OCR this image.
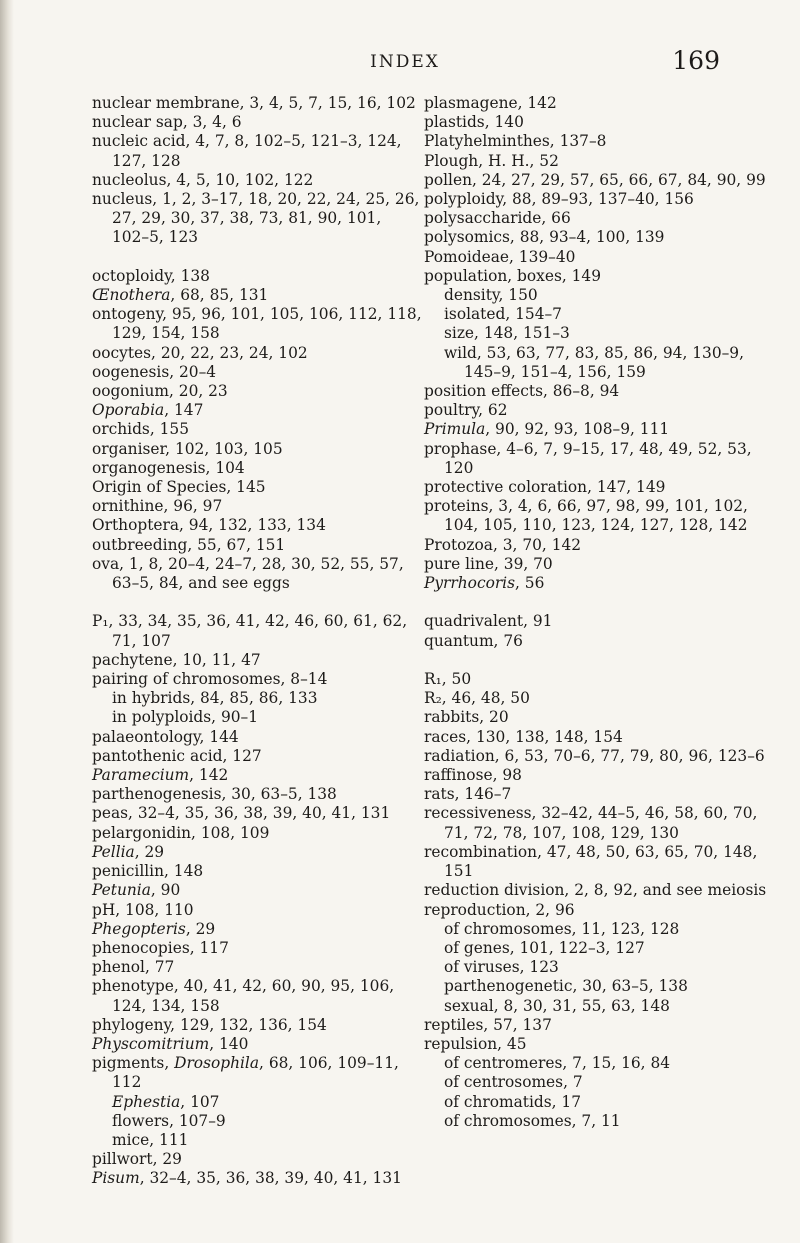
INDEX	169
nuclear membrane, 3, 4, 5, 7, 15, 16, 102
nuclear sap, 3, 4, 6
nucleic acid, 4, 7, 8, 102–5, 121–3, 124, 127, 128
nucleolus, 4, 5, 10, 102, 122
nucleus, 1, 2, 3–17, 18, 20, 22, 24, 25, 26, 27, 29, 30, 37, 38, 73, 81, 90, 101, 102–5, 123
octoploidy, 138
Œnothera, 68, 85, 131
ontogeny, 95, 96, 101, 105, 106, 112, 118, 129, 154, 158
oocytes, 20, 22, 23, 24, 102
oogenesis, 20–4
oogonium, 20, 23
Oporabia, 147
orchids, 155
organiser, 102, 103, 105
organogenesis, 104
Origin of Species, 145
ornithine, 96, 97
Orthoptera, 94, 132, 133, 134
outbreeding, 55, 67, 151
ova, 1, 8, 20–4, 24–7, 28, 30, 52, 55, 57, 63–5, 84, and see eggs
P₁, 33, 34, 35, 36, 41, 42, 46, 60, 61, 62, 71, 107
pachytene, 10, 11, 47
pairing of chromosomes, 8–14
in hybrids, 84, 85, 86, 133
in polyploids, 90–1
palaeontology, 144
pantothenic acid, 127
Paramecium, 142
parthenogenesis, 30, 63–5, 138
peas, 32–4, 35, 36, 38, 39, 40, 41, 131
pelargonidin, 108, 109
Pellia, 29
penicillin, 148
Petunia, 90
pH, 108, 110
Phegopteris, 29
phenocopies, 117
phenol, 77
phenotype, 40, 41, 42, 60, 90, 95, 106, 124, 134, 158
phylogeny, 129, 132, 136, 154
Physcomitrium, 140
pigments, Drosophila, 68, 106, 109–11, 112
Ephestia, 107
flowers, 107–9
mice, 111
pillwort, 29
Pisum, 32–4, 35, 36, 38, 39, 40, 41, 131
plasmagene, 142
plastids, 140
Platyhelminthes, 137–8
Plough, H. H., 52
pollen, 24, 27, 29, 57, 65, 66, 67, 84, 90, 99
polyploidy, 88, 89–93, 137–40, 156
polysaccharide, 66
polysomics, 88, 93–4, 100, 139
Pomoideae, 139–40
population, boxes, 149
density, 150
isolated, 154–7
size, 148, 151–3
wild, 53, 63, 77, 83, 85, 86, 94, 130–9, 145–9, 151–4, 156, 159
position effects, 86–8, 94
poultry, 62
Primula, 90, 92, 93, 108–9, 111
prophase, 4–6, 7, 9–15, 17, 48, 49, 52, 53, 120
protective coloration, 147, 149
proteins, 3, 4, 6, 66, 97, 98, 99, 101, 102, 104, 105, 110, 123, 124, 127, 128, 142
Protozoa, 3, 70, 142
pure line, 39, 70
Pyrrhocoris, 56
quadrivalent, 91
quantum, 76
R₁, 50
R₂, 46, 48, 50
rabbits, 20
races, 130, 138, 148, 154
radiation, 6, 53, 70–6, 77, 79, 80, 96, 123–6
raffinose, 98
rats, 146–7
recessiveness, 32–42, 44–5, 46, 58, 60, 70, 71, 72, 78, 107, 108, 129, 130
recombination, 47, 48, 50, 63, 65, 70, 148, 151
reduction division, 2, 8, 92, and see meiosis
reproduction, 2, 96
of chromosomes, 11, 123, 128
of genes, 101, 122–3, 127
of viruses, 123
parthenogenetic, 30, 63–5, 138
sexual, 8, 30, 31, 55, 63, 148
reptiles, 57, 137
repulsion, 45
of centromeres, 7, 15, 16, 84
of centrosomes, 7
of chromatids, 17
of chromosomes, 7, 11
